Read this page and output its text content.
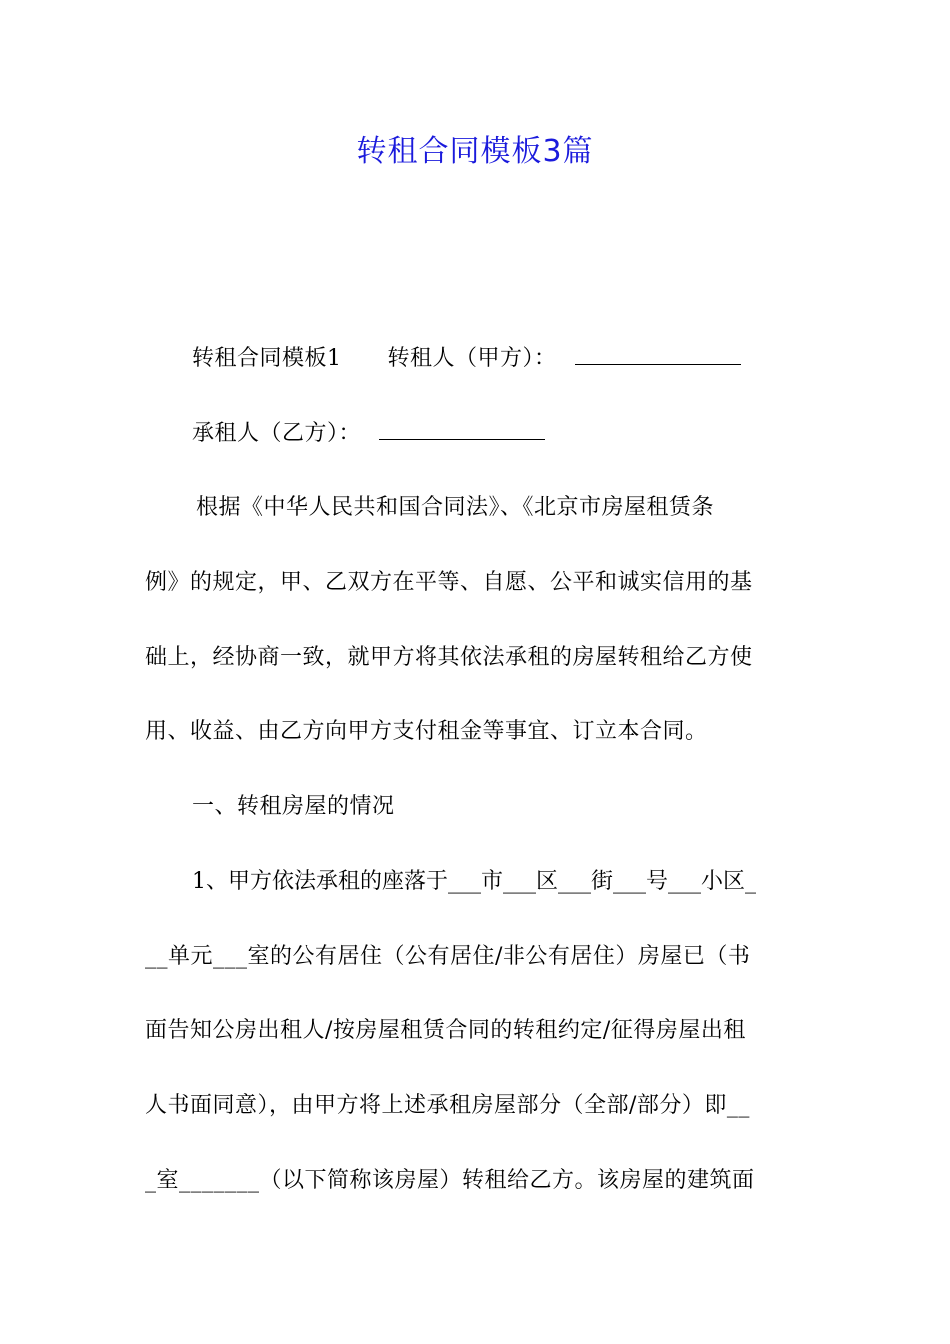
转租合同模板3篇
转租合同模板1 转租人（甲方）：
承租人（乙方）：
根据《中华人民共和国合同法》、《北京市房屋租赁条
例》的规定，甲、乙双方在平等、自愿、公平和诚实信用的基
础上，经协商一致，就甲方将其依法承租的房屋转租给乙方使
用、收益、由乙方向甲方支付租金等事宜、订立本合同。
一、转租房屋的情况
1、甲方依法承租的座落于___市___区___街___号___小区_
__单元___室的公有居住（公有居住/非公有居住）房屋已（书
面告知公房出租人/按房屋租赁合同的转租约定/征得房屋出租
人书面同意），由甲方将上述承租房屋部分（全部/部分）即__
_室_______（以下简称该房屋）转租给乙方。该房屋的建筑面
